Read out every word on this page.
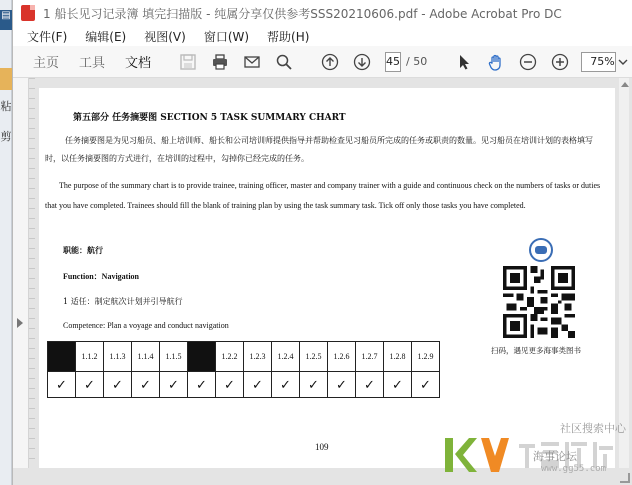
▤
粘
剪
1 船长见习记录簿 填完扫描版 - 纯属分享仅供参考SSS20210606.pdf - Adobe Acrobat Pro DC
文件(F) 编辑(E) 视图(V) 窗口(W) 帮助(H)
主页 工具 文档	45 / 50	75%
第五部分 任务摘要图 SECTION 5 TASK SUMMARY CHART
任务摘要图是为见习船员、船上培训师、船长和公司培训师提供指导并帮助检查见习船员所完成的任务或职责的数量。见习船员在培训计划的表格填写时，以任务摘要图的方式进行，在培训的过程中，勾掉你已经完成的任务。
The purpose of the summary chart is to provide trainee, training officer, master and company trainer with a guide and continuous check on the numbers of tasks or duties that you have completed. Trainees should fill the blank of training plan by using the task summary task. Tick off only those tasks you have completed.
职能：航行
Function：Navigation
1 适任：制定航次计划并引导航行
Competence: Plan a voyage and conduct navigation
扫码，遇见更多海事类图书
	1.1.2	1.1.3	1.1.4	1.1.5		1.2.2	1.2.3	1.2.4	1.2.5	1.2.6	1.2.7	1.2.8	1.2.9
✓	✓	✓	✓	✓	✓	✓	✓	✓	✓	✓	✓	✓	✓
109
社区搜索中心
海事论坛
www.gg55.com
